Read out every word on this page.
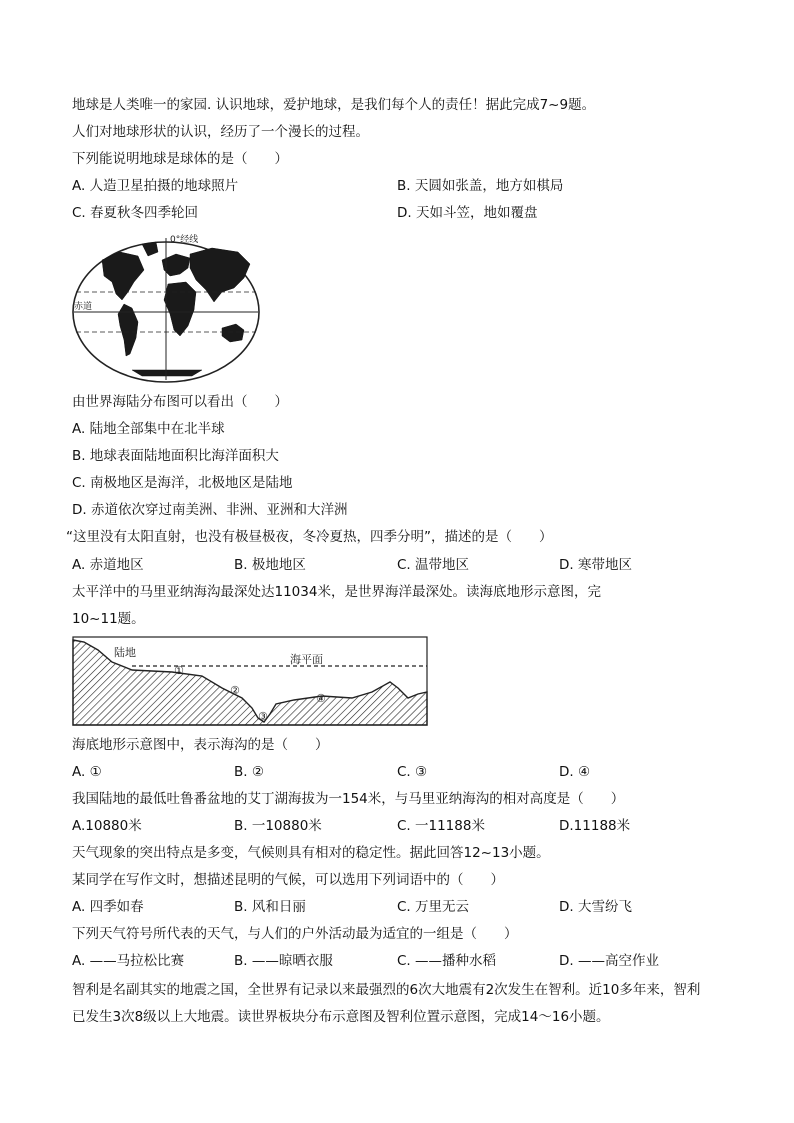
地球是人类唯一的家园. 认识地球，爱护地球，是我们每个人的责任！据此完成7~9题。
人们对地球形状的认识，经历了一个漫长的过程。
下列能说明地球是球体的是（　　）
A. 人造卫星拍摄的地球照片	B. 天圆如张盖，地方如棋局
C. 春夏秋冬四季轮回	D. 天如斗笠，地如覆盘
0°经线
赤道
由世界海陆分布图可以看出（　　）
A. 陆地全部集中在北半球
B. 地球表面陆地面积比海洋面积大
C. 南极地区是海洋，北极地区是陆地
D. 赤道依次穿过南美洲、非洲、亚洲和大洋洲
“这里没有太阳直射，也没有极昼极夜，冬冷夏热，四季分明”，描述的是（　　）
A. 赤道地区	B. 极地地区	C. 温带地区	D. 寒带地区
太平洋中的马里亚纳海沟最深处达11034米，是世界海洋最深处。读海底地形示意图，完
10~11题。
陆地
海平面
①
②
③
④
海底地形示意图中，表示海沟的是（　　）
A. ①	B. ②	C. ③	D. ④
我国陆地的最低吐鲁番盆地的艾丁湖海拔为一154米，与马里亚纳海沟的相对高度是（　　）
A.10880米	B. 一10880米	C. 一11188米	D.11188米
天气现象的突出特点是多变，气候则具有相对的稳定性。据此回答12~13小题。
某同学在写作文时，想描述昆明的气候，可以选用下列词语中的（　　）
A. 四季如春	B. 风和日丽	C. 万里无云	D. 大雪纷飞
下列天气符号所代表的天气，与人们的户外活动最为适宜的一组是（　　）
A. ——马拉松比赛	B. ——晾晒衣服	C. ——播种水稻	D. ——高空作业
智利是名副其实的地震之国，全世界有记录以来最强烈的6次大地震有2次发生在智利。近10多年来，智利
已发生3次8级以上大地震。读世界板块分布示意图及智利位置示意图，完成14～16小题。
